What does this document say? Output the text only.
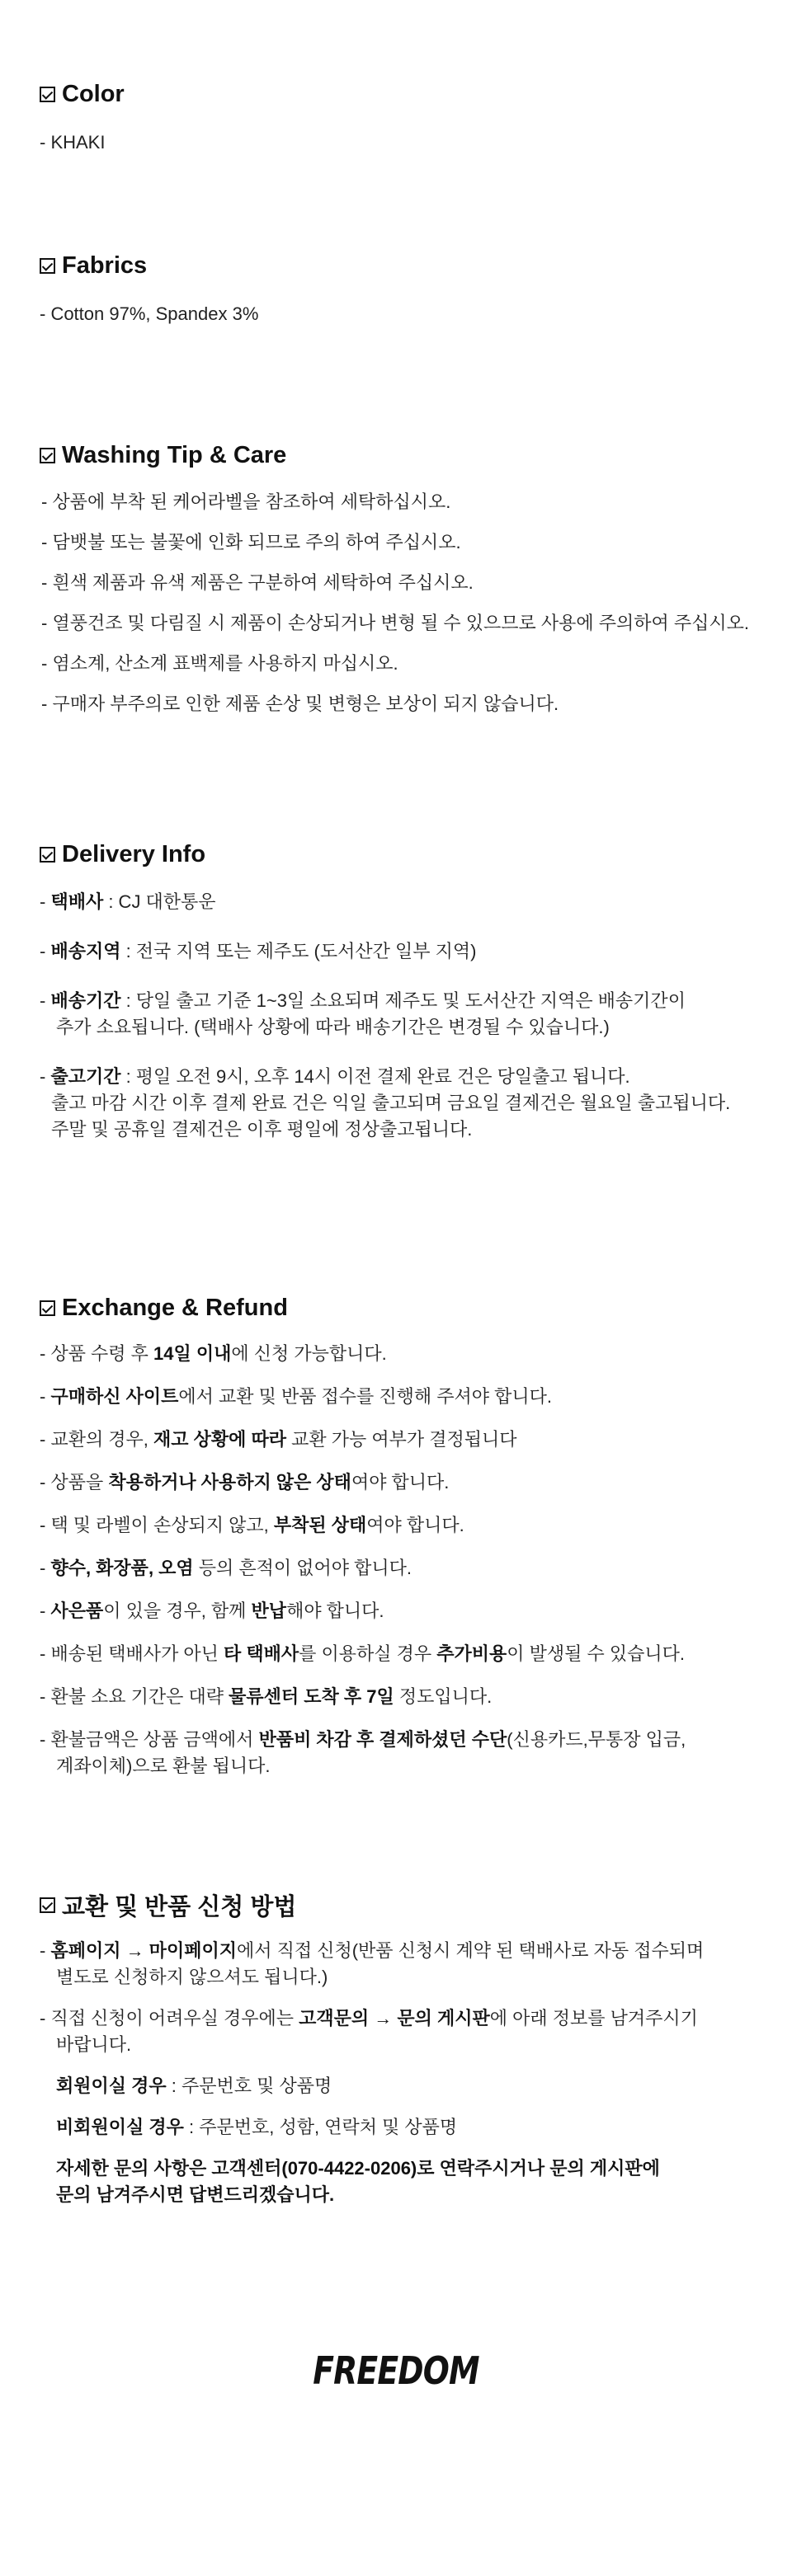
Color
- KHAKI
Fabrics
- Cotton 97%, Spandex 3%
Washing Tip & Care
- 상품에 부착 된 케어라벨을 참조하여 세탁하십시오.
- 담뱃불 또는 불꽃에 인화 되므로 주의 하여 주십시오.
- 흰색 제품과 유색 제품은 구분하여 세탁하여 주십시오.
- 열풍건조 및 다림질 시 제품이 손상되거나 변형 될 수 있으므로 사용에 주의하여 주십시오.
- 염소계, 산소계 표백제를 사용하지 마십시오.
- 구매자 부주의로 인한 제품 손상 및 변형은 보상이 되지 않습니다.
Delivery Info
- 택배사 : CJ 대한통운
- 배송지역 : 전국 지역 또는 제주도 (도서산간 일부 지역)
- 배송기간 : 당일 출고 기준 1~3일 소요되며 제주도 및 도서산간 지역은 배송기간이
추가 소요됩니다. (택배사 상황에 따라 배송기간은 변경될 수 있습니다.)
- 출고기간 : 평일 오전 9시, 오후 14시 이전 결제 완료 건은 당일출고 됩니다.
출고 마감 시간 이후 결제 완료 건은 익일 출고되며 금요일 결제건은 월요일 출고됩니다.
주말 및 공휴일 결제건은 이후 평일에 정상출고됩니다.
Exchange & Refund
- 상품 수령 후 14일 이내에 신청 가능합니다.
- 구매하신 사이트에서 교환 및 반품 접수를 진행해 주셔야 합니다.
- 교환의 경우, 재고 상황에 따라 교환 가능 여부가 결정됩니다
- 상품을 착용하거나 사용하지 않은 상태여야 합니다.
- 택 및 라벨이 손상되지 않고, 부착된 상태여야 합니다.
- 향수, 화장품, 오염 등의 흔적이 없어야 합니다.
- 사은품이 있을 경우, 함께 반납해야 합니다.
- 배송된 택배사가 아닌 타 택배사를 이용하실 경우 추가비용이 발생될 수 있습니다.
- 환불 소요 기간은 대략 물류센터 도착 후 7일 정도입니다.
- 환불금액은 상품 금액에서 반품비 차감 후 결제하셨던 수단(신용카드,무통장 입금,
계좌이체)으로 환불 됩니다.
교환 및 반품 신청 방법
- 홈페이지 → 마이페이지에서 직접 신청(반품 신청시 계약 된 택배사로 자동 접수되며
별도로 신청하지 않으셔도 됩니다.)
- 직접 신청이 어려우실 경우에는 고객문의 → 문의 게시판에 아래 정보를 남겨주시기
바랍니다.
회원이실 경우 : 주문번호 및 상품명
비회원이실 경우 : 주문번호, 성함, 연락처 및 상품명
자세한 문의 사항은 고객센터(070-4422-0206)로 연락주시거나 문의 게시판에
문의 남겨주시면 답변드리겠습니다.
FREEDOM
